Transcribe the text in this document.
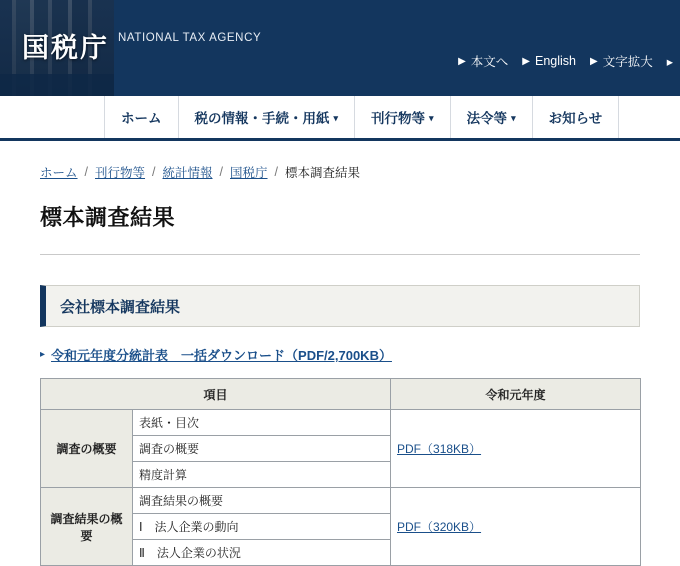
国税庁 NATIONAL TAX AGENCY
▶ 本文へ ▶ English ▶ 文字拡大	▸
ホーム 税の情報・手続・用紙 ▾ 刊行物等 ▾ 法令等 ▾ お知らせ
ホーム / 刊行物等 / 統計情報 / 国税庁 / 標本調査結果
標本調査結果
会社標本調査結果
▸ 令和元年度分統計表　一括ダウンロード（PDF/2,700KB）
項目		令和元年度
調査の概要	表紙・目次	PDF（318KB）
	調査の概要	
	精度計算	
調査結果の概要	調査結果の概要	PDF（320KB）
	Ⅰ　法人企業の動向	
	Ⅱ　法人企業の状況	
